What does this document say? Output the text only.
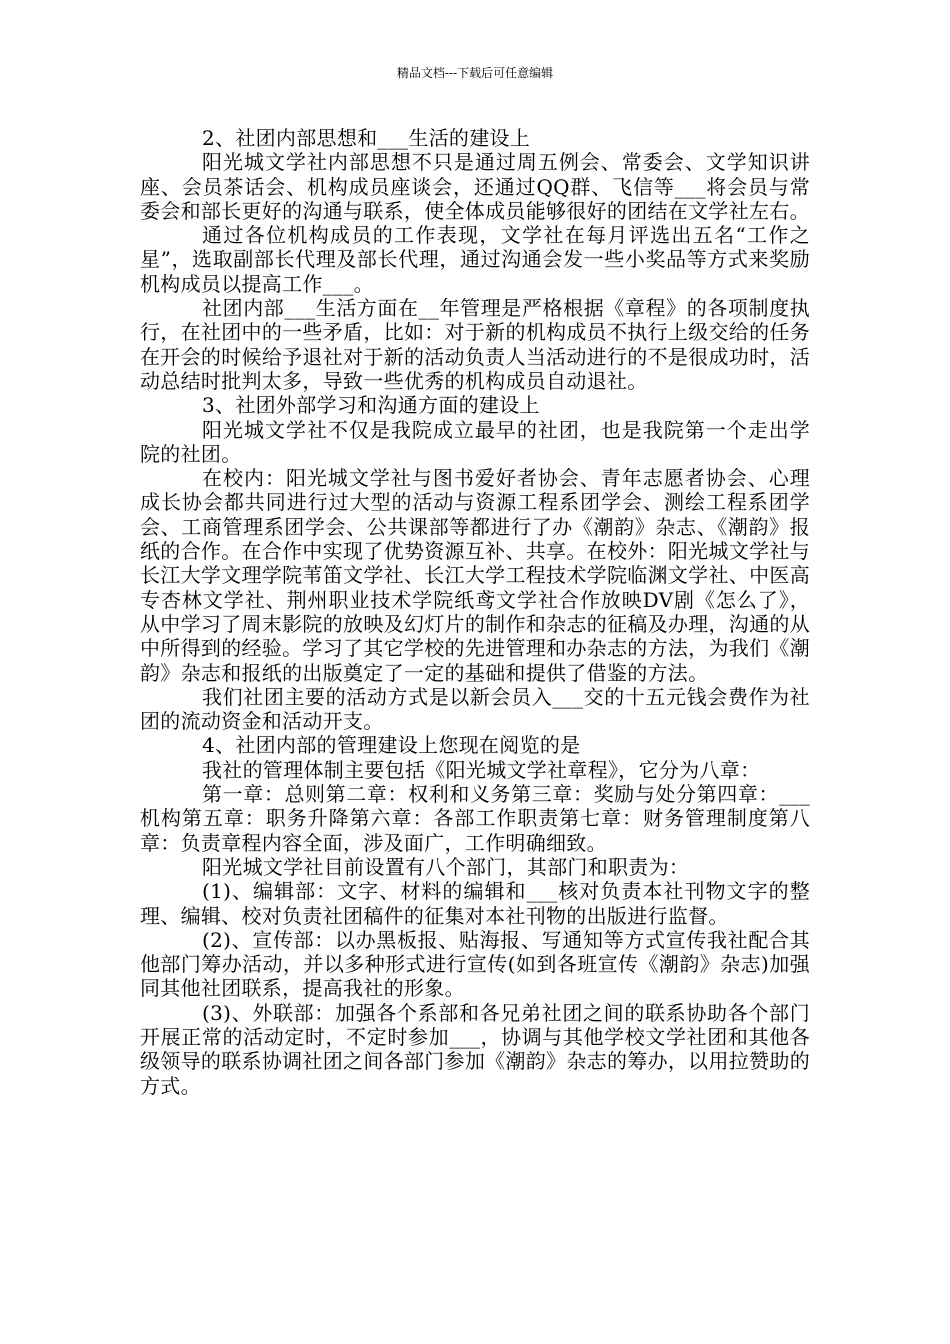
精品文档---下载后可任意编辑

2、社团内部思想和___生活的建设上

阳光城文学社内部思想不只是通过周五例会、常委会、文学知识讲座、会员茶话会、机构成员座谈会，还通过QQ群、飞信等___将会员与常委会和部长更好的沟通与联系，使全体成员能够很好的团结在文学社左右。

通过各位机构成员的工作表现，文学社在每月评选出五名“工作之星”，选取副部长代理及部长代理，通过沟通会发一些小奖品等方式来奖励机构成员以提高工作___。

社团内部___生活方面在__年管理是严格根据《章程》的各项制度执行，在社团中的一些矛盾，比如：对于新的机构成员不执行上级交给的任务在开会的时候给予退社对于新的活动负责人当活动进行的不是很成功时，活动总结时批判太多，导致一些优秀的机构成员自动退社。

3、社团外部学习和沟通方面的建设上

阳光城文学社不仅是我院成立最早的社团，也是我院第一个走出学院的社团。

在校内：阳光城文学社与图书爱好者协会、青年志愿者协会、心理成长协会都共同进行过大型的活动与资源工程系团学会、测绘工程系团学会、工商管理系团学会、公共课部等都进行了办《潮韵》杂志、《潮韵》报纸的合作。在合作中实现了优势资源互补、共享。在校外：阳光城文学社与长江大学文理学院苇笛文学社、长江大学工程技术学院临渊文学社、中医高专杏林文学社、荆州职业技术学院纸鸢文学社合作放映DV剧《怎么了》，从中学习了周末影院的放映及幻灯片的制作和杂志的征稿及办理，沟通的从中所得到的经验。学习了其它学校的先进管理和办杂志的方法，为我们《潮韵》杂志和报纸的出版奠定了一定的基础和提供了借鉴的方法。

我们社团主要的活动方式是以新会员入___交的十五元钱会费作为社团的流动资金和活动开支。

4、社团内部的管理建设上您现在阅览的是

我社的管理体制主要包括《阳光城文学社章程》，它分为八章：

第一章：总则第二章：权利和义务第三章：奖励与处分第四章：___机构第五章：职务升降第六章：各部工作职责第七章：财务管理制度第八章：负责章程内容全面，涉及面广，工作明确细致。

阳光城文学社目前设置有八个部门，其部门和职责为：

(1)、编辑部：文字、材料的编辑和___核对负责本社刊物文字的整理、编辑、校对负责社团稿件的征集对本社刊物的出版进行监督。

(2)、宣传部：以办黑板报、贴海报、写通知等方式宣传我社配合其他部门筹办活动，并以多种形式进行宣传(如到各班宣传《潮韵》杂志)加强同其他社团联系，提高我社的形象。

(3)、外联部：加强各个系部和各兄弟社团之间的联系协助各个部门开展正常的活动定时，不定时参加___，协调与其他学校文学社团和其他各级领导的联系协调社团之间各部门参加《潮韵》杂志的筹办，以用拉赞助的方式。
